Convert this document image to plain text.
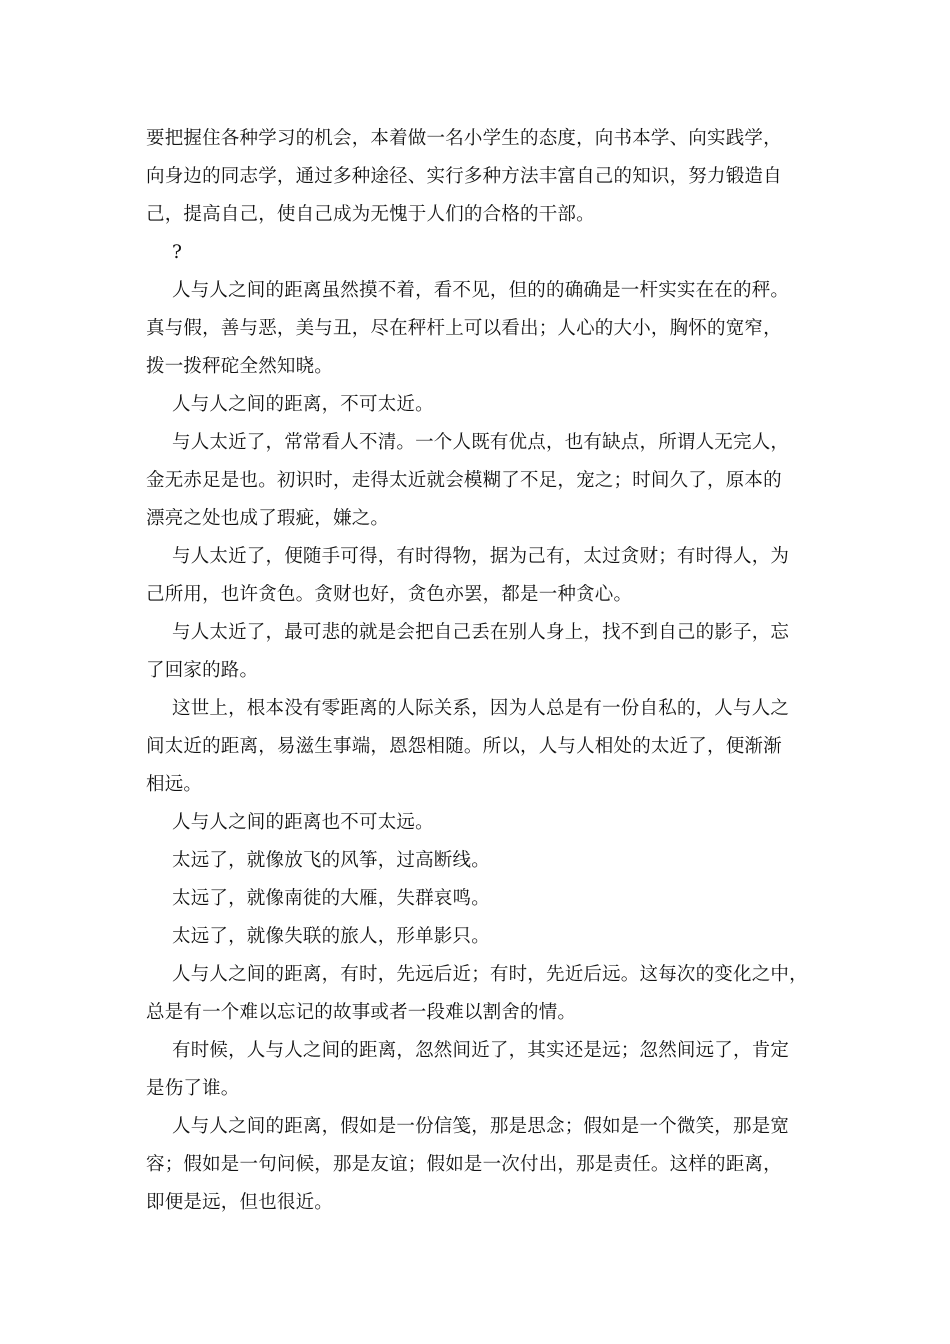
要把握住各种学习的机会，本着做一名小学生的态度，向书本学、向实践学，
向身边的同志学，通过多种途径、实行多种方法丰富自己的知识，努力锻造自
己，提高自己，使自己成为无愧于人们的合格的干部。
?
人与人之间的距离虽然摸不着，看不见，但的的确确是一杆实实在在的秤。
真与假，善与恶，美与丑，尽在秤杆上可以看出；人心的大小，胸怀的宽窄，
拨一拨秤砣全然知晓。
人与人之间的距离，不可太近。
与人太近了，常常看人不清。一个人既有优点，也有缺点，所谓人无完人，
金无赤足是也。初识时，走得太近就会模糊了不足，宠之；时间久了，原本的
漂亮之处也成了瑕疵，嫌之。
与人太近了，便随手可得，有时得物，据为己有，太过贪财；有时得人，为
己所用，也许贪色。贪财也好，贪色亦罢，都是一种贪心。
与人太近了，最可悲的就是会把自己丢在别人身上，找不到自己的影子，忘
了回家的路。
这世上，根本没有零距离的人际关系，因为人总是有一份自私的，人与人之
间太近的距离，易滋生事端，恩怨相随。所以，人与人相处的太近了，便渐渐
相远。
人与人之间的距离也不可太远。
太远了，就像放飞的风筝，过高断线。
太远了，就像南徙的大雁，失群哀鸣。
太远了，就像失联的旅人，形单影只。
人与人之间的距离，有时，先远后近；有时，先近后远。这每次的变化之中，
总是有一个难以忘记的故事或者一段难以割舍的情。
有时候，人与人之间的距离，忽然间近了，其实还是远；忽然间远了，肯定
是伤了谁。
人与人之间的距离，假如是一份信笺，那是思念；假如是一个微笑，那是宽
容；假如是一句问候，那是友谊；假如是一次付出，那是责任。这样的距离，
即便是远，但也很近。
